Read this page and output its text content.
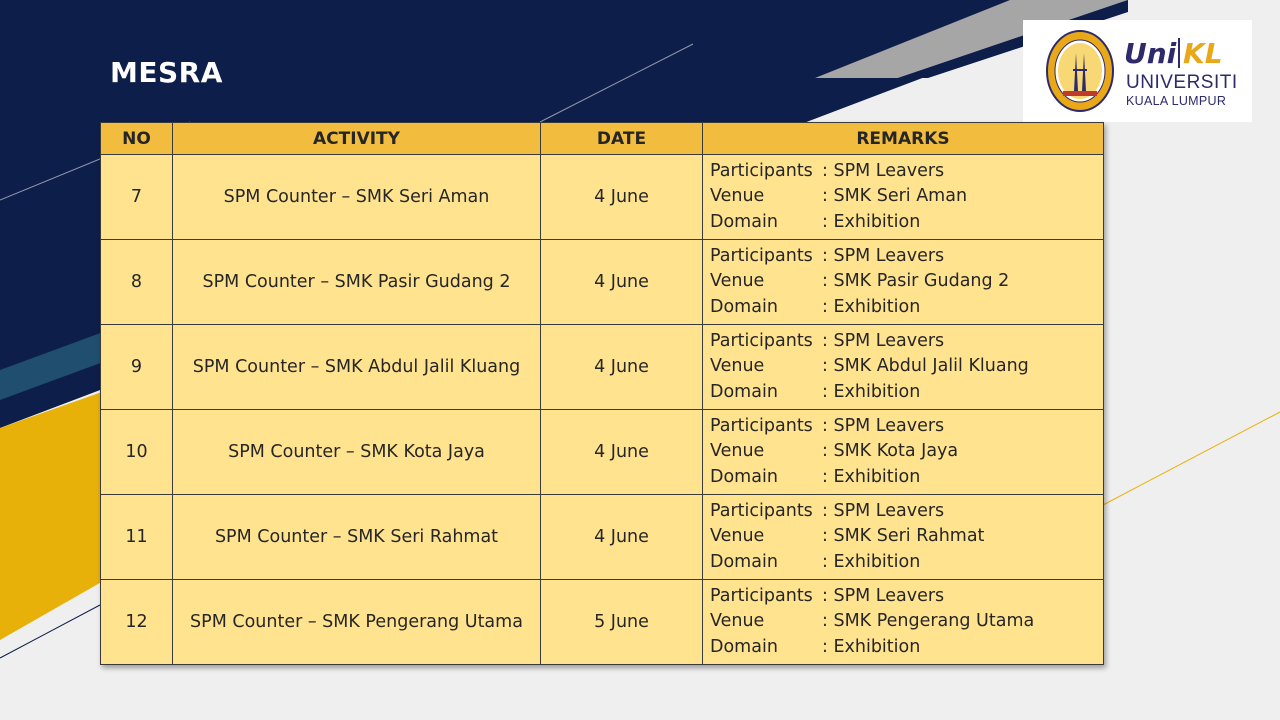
MESRA
Uni KL
UNIVERSITI
KUALA LUMPUR
NO	ACTIVITY	DATE	REMARKS
7	SPM Counter – SMK Seri Aman	4 June	Participants : SPM Leavers
Venue : SMK Seri Aman
Domain : Exhibition

8	SPM Counter – SMK Pasir Gudang 2	4 June	Participants : SPM Leavers
Venue : SMK Pasir Gudang 2
Domain : Exhibition

9	SPM Counter – SMK Abdul Jalil Kluang	4 June	Participants : SPM Leavers
Venue : SMK Abdul Jalil Kluang
Domain : Exhibition

10	SPM Counter – SMK Kota Jaya	4 June	Participants : SPM Leavers
Venue : SMK Kota Jaya
Domain : Exhibition

11	SPM Counter – SMK Seri Rahmat	4 June	Participants : SPM Leavers
Venue : SMK Seri Rahmat
Domain : Exhibition

12	SPM Counter – SMK Pengerang Utama	5 June	Participants : SPM Leavers
Venue : SMK Pengerang Utama
Domain : Exhibition
